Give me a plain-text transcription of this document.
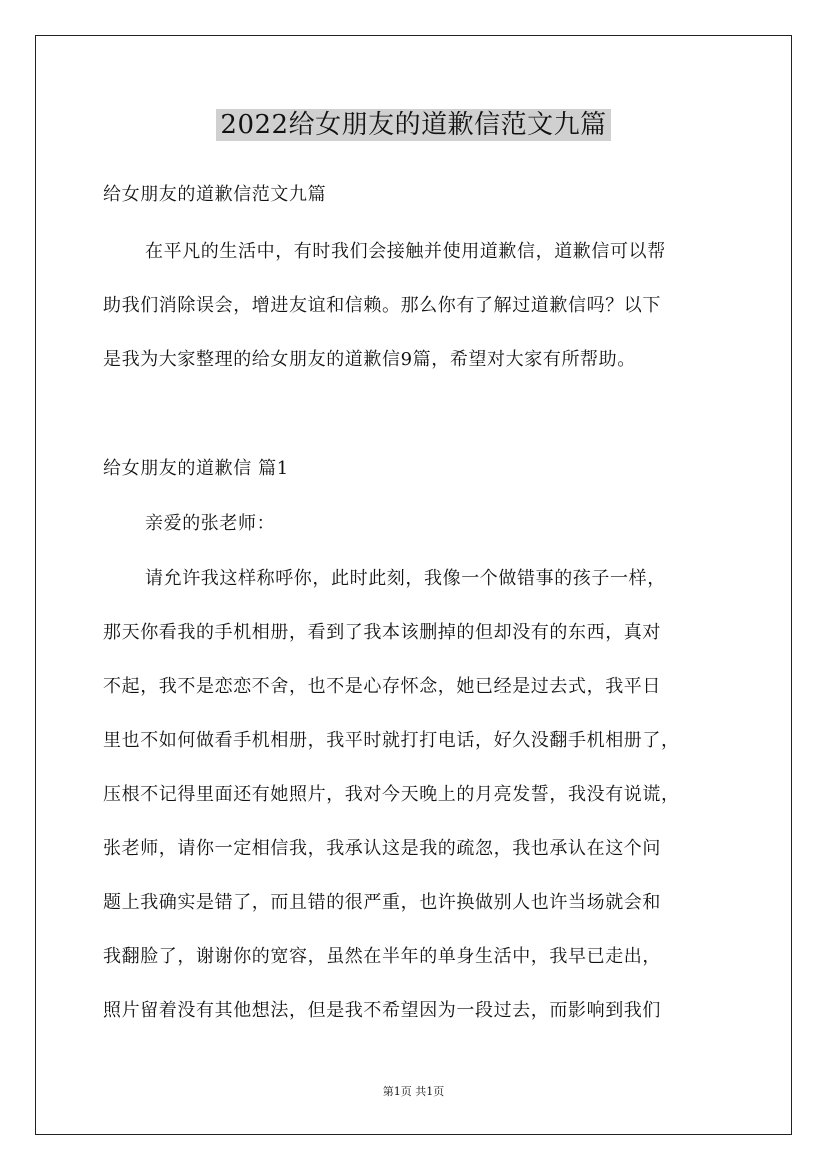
2022给女朋友的道歉信范文九篇
给女朋友的道歉信范文九篇
在平凡的生活中，有时我们会接触并使用道歉信，道歉信可以帮
助我们消除误会，增进友谊和信赖。那么你有了解过道歉信吗？以下
是我为大家整理的给女朋友的道歉信9篇，希望对大家有所帮助。
给女朋友的道歉信 篇1
亲爱的张老师：
请允许我这样称呼你，此时此刻，我像一个做错事的孩子一样，
那天你看我的手机相册，看到了我本该删掉的但却没有的东西，真对
不起，我不是恋恋不舍，也不是心存怀念，她已经是过去式，我平日
里也不如何做看手机相册，我平时就打打电话，好久没翻手机相册了，
压根不记得里面还有她照片，我对今天晚上的月亮发誓，我没有说谎，
张老师，请你一定相信我，我承认这是我的疏忽，我也承认在这个问
题上我确实是错了，而且错的很严重，也许换做别人也许当场就会和
我翻脸了，谢谢你的宽容，虽然在半年的单身生活中，我早已走出，
照片留着没有其他想法，但是我不希望因为一段过去，而影响到我们
第1页 共1页
